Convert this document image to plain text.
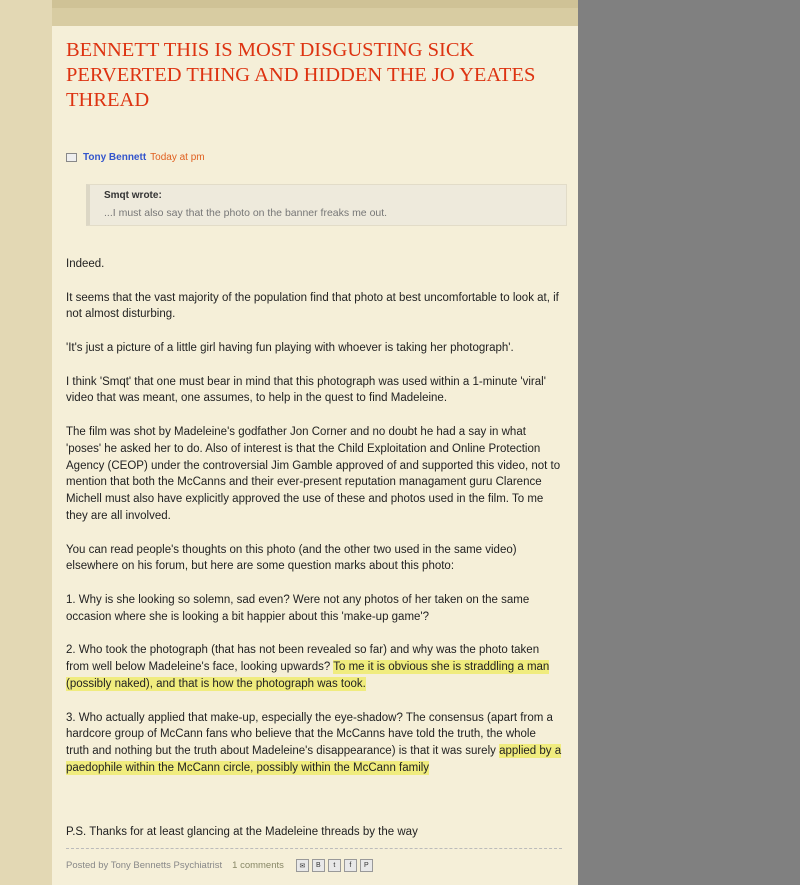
BENNETT THIS IS MOST DISGUSTING SICK PERVERTED THING AND HIDDEN THE JO YEATES THREAD
Tony Bennett Today at pm
Smqt wrote:
...I must also say that the photo on the banner freaks me out.

Indeed.

It seems that the vast majority of the population find that photo at best uncomfortable to look at, if not almost disturbing.

'It's just a picture of a little girl having fun playing with whoever is taking her photograph'.

I think 'Smqt' that one must bear in mind that this photograph was used within a 1-minute 'viral' video that was meant, one assumes, to help in the quest to find Madeleine.

The film was shot by Madeleine's godfather Jon Corner and no doubt he had a say in what 'poses' he asked her to do. Also of interest is that the Child Exploitation and Online Protection Agency (CEOP) under the controversial Jim Gamble approved of and supported this video, not to mention that both the McCanns and their ever-present reputation managament guru Clarence Michell must also have explicitly approved the use of these and photos used in the film. To me they are all involved.

You can read people's thoughts on this photo (and the other two used in the same video) elsewhere on his forum, but here are some question marks about this photo:

1. Why is she looking so solemn, sad even? Were not any photos of her taken on the same occasion where she is looking a bit happier about this 'make-up game'?

2. Who took the photograph (that has not been revealed so far) and why was the photo taken from well below Madeleine's face, looking upwards? To me it is obvious she is straddling a man (possibly naked), and that is how the photograph was took.

3. Who actually applied that make-up, especially the eye-shadow? The consensus (apart from a hardcore group of McCann fans who believe that the McCanns have told the truth, the whole truth and nothing but the truth about Madeleine's disappearance) is that it was surely applied by a paedophile within the McCann circle, possibly within the McCann family

P.S. Thanks for at least glancing at the Madeleine threads by the way
Posted by Tony Bennetts Psychiatrist 1 comments	✉	B	t	f	P
